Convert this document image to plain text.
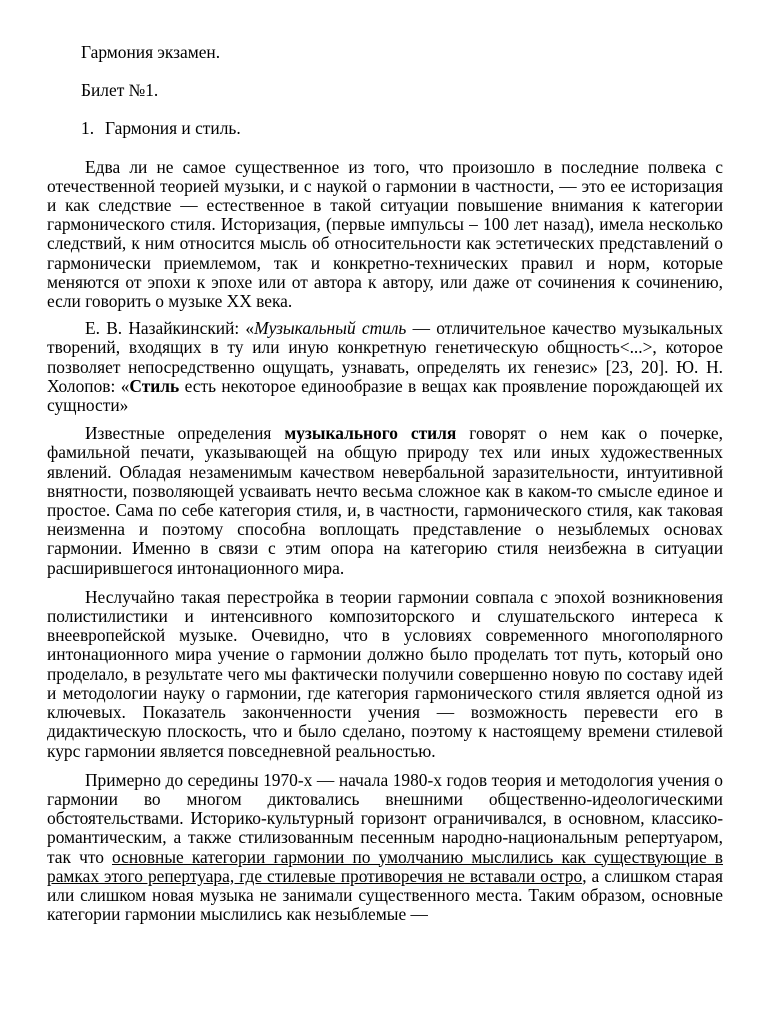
Гармония экзамен.

Билет №1.

1. Гармония и стиль.

Едва ли не самое существенное из того, что произошло в последние полвека с отечественной теорией музыки, и с наукой о гармонии в частности, — это ее историзация и как следствие — естественное в такой ситуации повышение внимания к категории гармонического стиля. Историзация, (первые импульсы – 100 лет назад), имела несколько следствий, к ним относится мысль об относительности как эстетических представлений о гармонически приемлемом, так и конкретно-технических правил и норм, которые меняются от эпохи к эпохе или от автора к автору, или даже от сочинения к сочинению, если говорить о музыке XX века.

Е. В. Назайкинский: «Музыкальный стиль — отличительное качество музыкальных творений, входящих в ту или иную конкретную генетическую общность<...>, которое позволяет непосредственно ощущать, узнавать, определять их генезис» [23, 20]. Ю. Н. Холопов: «Стиль есть некоторое единообразие в вещах как проявление порождающей их сущности»

Известные определения музыкального стиля говорят о нем как о почерке, фамильной печати, указывающей на общую природу тех или иных художественных явлений. Обладая незаменимым качеством невербальной заразительности, интуитивной внятности, позволяющей усваивать нечто весьма сложное как в каком-то смысле единое и простое. Сама по себе категория стиля, и, в частности, гармонического стиля, как таковая неизменна и поэтому способна воплощать представление о незыблемых основах гармонии. Именно в связи с этим опора на категорию стиля неизбежна в ситуации расширившегося интонационного мира.

Неслучайно такая перестройка в теории гармонии совпала с эпохой возникновения полистилистики и интенсивного композиторского и слушательского интереса к внеевропейской музыке. Очевидно, что в условиях современного многополярного интонационного мира учение о гармонии должно было проделать тот путь, который оно проделало, в результате чего мы фактически получили совершенно новую по составу идей и методологии науку о гармонии, где категория гармонического стиля является одной из ключевых. Показатель законченности учения — возможность перевести его в дидактическую плоскость, что и было сделано, поэтому к настоящему времени стилевой курс гармонии является повседневной реальностью.

Примерно до середины 1970-х — начала 1980-х годов теория и методология учения о гармонии во многом диктовались внешними общественно-идеологическими обстоятельствами. Историко-культурный горизонт ограничивался, в основном, классико-романтическим, а также стилизованным песенным народно-национальным репертуаром, так что основные категории гармонии по умолчанию мыслились как существующие в рамках этого репертуара, где стилевые противоречия не вставали остро, а слишком старая или слишком новая музыка не занимали существенного места. Таким образом, основные категории гармонии мыслились как незыблемые —
